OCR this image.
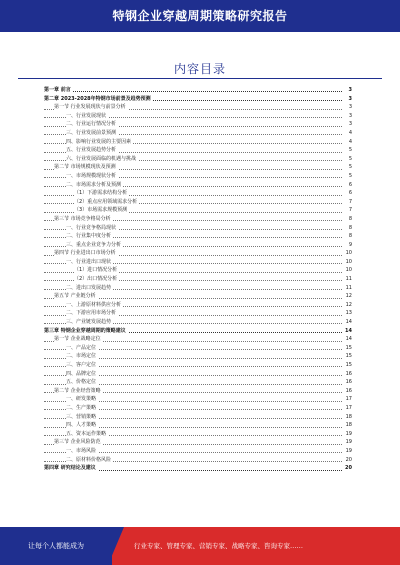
特钢企业穿越周期策略研究报告
内容目录
第一章 前言	3
第二章 2023-2028年特钢市场前景及趋势预测	3
第一节 行业发展现状与前景分析	3
一、行业发展现状	3
二、行业运行情况分析	3
三、行业发展前景预测	4
四、影响行业发展的主要因素	4
五、行业发展趋势分析	5
六、行业发展面临的机遇与挑战	5
第二节 市场规模现状及预测	5
一、市场规模现状分析	5
二、市场需求分析及预测	6
（1）下游需求结构分析	6
（2）重点应用领域需求分析	7
（3）市场需求规模预测	7
第三节 市场竞争格局分析	8
一、行业竞争格局现状	8
二、行业集中度分析	8
三、重点企业竞争力分析	9
第四节 行业进出口市场分析	10
一、行业进出口现状	10
（1）进口情况分析	10
（2）出口情况分析	11
二、进出口发展趋势	11
第五节 产业链分析	12
一、上游原材料供应分析	12
二、下游应用市场分析	13
三、产业链发展趋势	14
第三章 特钢企业穿越周期的策略建议	14
第一节 企业战略定位	14
一、产品定位	15
二、市场定位	15
三、客户定位	15
四、品牌定位	16
五、价格定位	16
第二节 企业经营策略	16
一、研发策略	17
二、生产策略	17
三、营销策略	18
四、人才策略	18
五、资本运作策略	19
第三节 企业风险防范	19
一、市场风险	19
二、原材料价格风险	20
第四章 研究结论及建议	20
行业专家、管理专家、营销专家、战略专家、咨询专家……
让每个人都能成为
